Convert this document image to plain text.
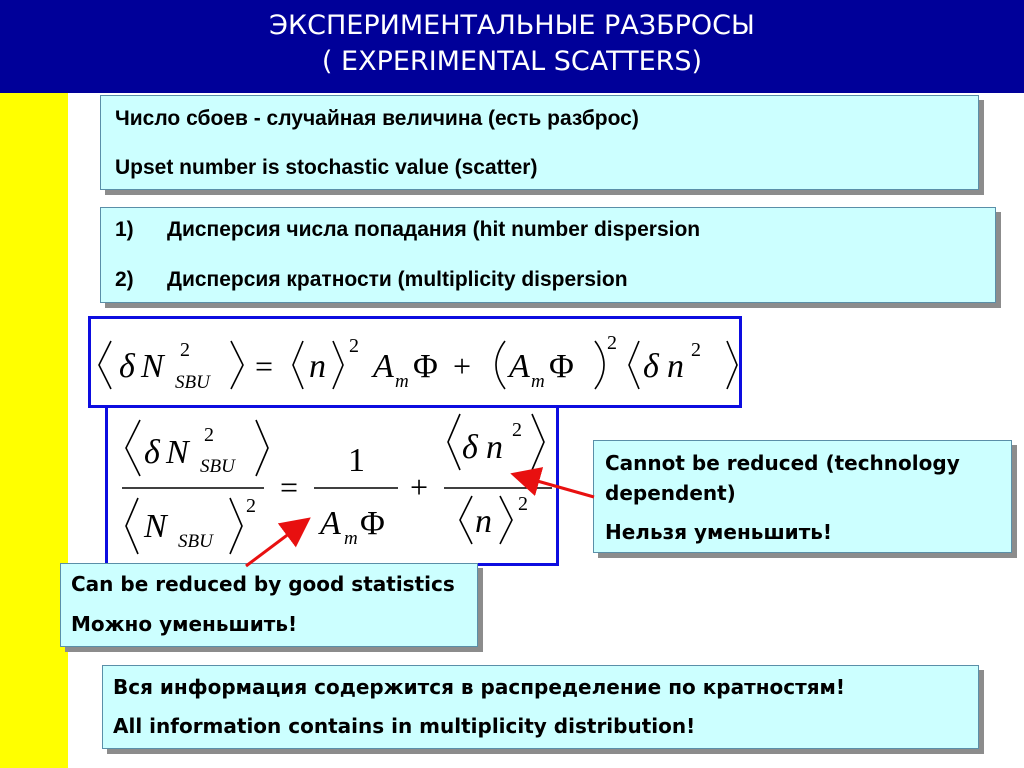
ЭКСПЕРИМЕНТАЛЬНЫЕ РАЗБРОСЫ
( EXPERIMENTAL SCATTERS)
Число сбоев - случайная величина (есть разброс)
Upset number is stochastic value (scatter)
1) Дисперсия числа попадания (hit number dispersion
2) Дисперсия кратности (multiplicity dispersion
δ N 2
SBU = n
2
A m Φ + A m Φ
2
δ n 2
δ N 2
SBU
N SBU
2
=
1
A m Φ
+
δ n 2
n 2
Cannot be reduced (technology
dependent)
Нельзя уменьшить!
Can be reduced by good statistics
Можно уменьшить!
Вся информация содержится в распределение по кратностям!
All information contains in multiplicity distribution!
